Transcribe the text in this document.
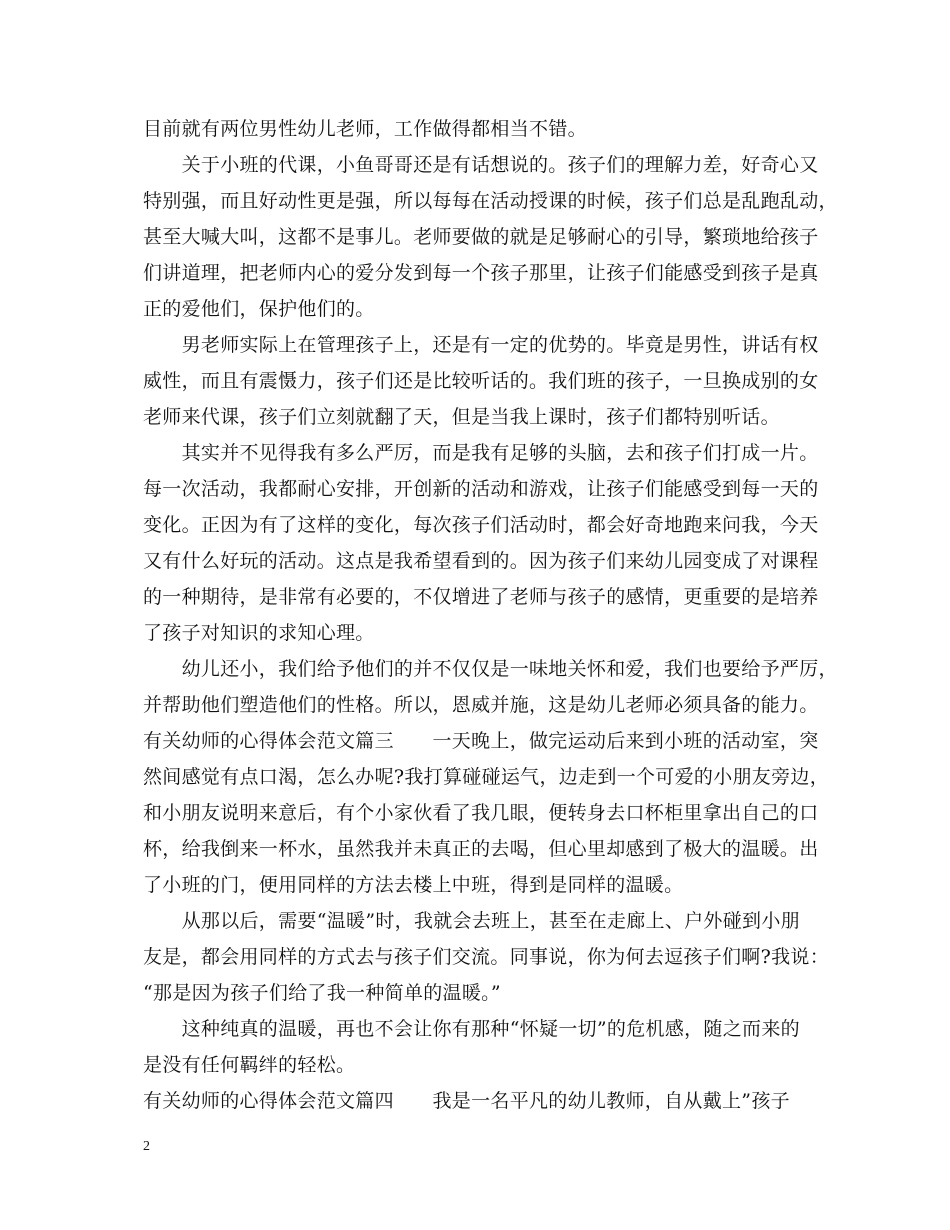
目前就有两位男性幼儿老师，工作做得都相当不错。
　　关于小班的代课，小鱼哥哥还是有话想说的。孩子们的理解力差，好奇心又
特别强，而且好动性更是强，所以每每在活动授课的时候，孩子们总是乱跑乱动，
甚至大喊大叫，这都不是事儿。老师要做的就是足够耐心的引导，繁琐地给孩子
们讲道理，把老师内心的爱分发到每一个孩子那里，让孩子们能感受到孩子是真
正的爱他们，保护他们的。
　　男老师实际上在管理孩子上，还是有一定的优势的。毕竟是男性，讲话有权
威性，而且有震慑力，孩子们还是比较听话的。我们班的孩子，一旦换成别的女
老师来代课，孩子们立刻就翻了天，但是当我上课时，孩子们都特别听话。
　　其实并不见得我有多么严厉，而是我有足够的头脑，去和孩子们打成一片。
每一次活动，我都耐心安排，开创新的活动和游戏，让孩子们能感受到每一天的
变化。正因为有了这样的变化，每次孩子们活动时，都会好奇地跑来问我，今天
又有什么好玩的活动。这点是我希望看到的。因为孩子们来幼儿园变成了对课程
的一种期待，是非常有必要的，不仅增进了老师与孩子的感情，更重要的是培养
了孩子对知识的求知心理。
　　幼儿还小，我们给予他们的并不仅仅是一味地关怀和爱，我们也要给予严厉，
并帮助他们塑造他们的性格。所以，恩威并施，这是幼儿老师必须具备的能力。
有关幼师的心得体会范文篇三　　一天晚上，做完运动后来到小班的活动室，突
然间感觉有点口渴，怎么办呢?我打算碰碰运气，边走到一个可爱的小朋友旁边，
和小朋友说明来意后，有个小家伙看了我几眼，便转身去口杯柜里拿出自己的口
杯，给我倒来一杯水，虽然我并未真正的去喝，但心里却感到了极大的温暖。出
了小班的门，便用同样的方法去楼上中班，得到是同样的温暖。
　　从那以后，需要“温暖”时，我就会去班上，甚至在走廊上、户外碰到小朋
友是，都会用同样的方式去与孩子们交流。同事说，你为何去逗孩子们啊?我说：
“那是因为孩子们给了我一种简单的温暖。”
　　这种纯真的温暖，再也不会让你有那种“怀疑一切”的危机感，随之而来的
是没有任何羁绊的轻松。
有关幼师的心得体会范文篇四　　我是一名平凡的幼儿教师，自从戴上”孩子
2
